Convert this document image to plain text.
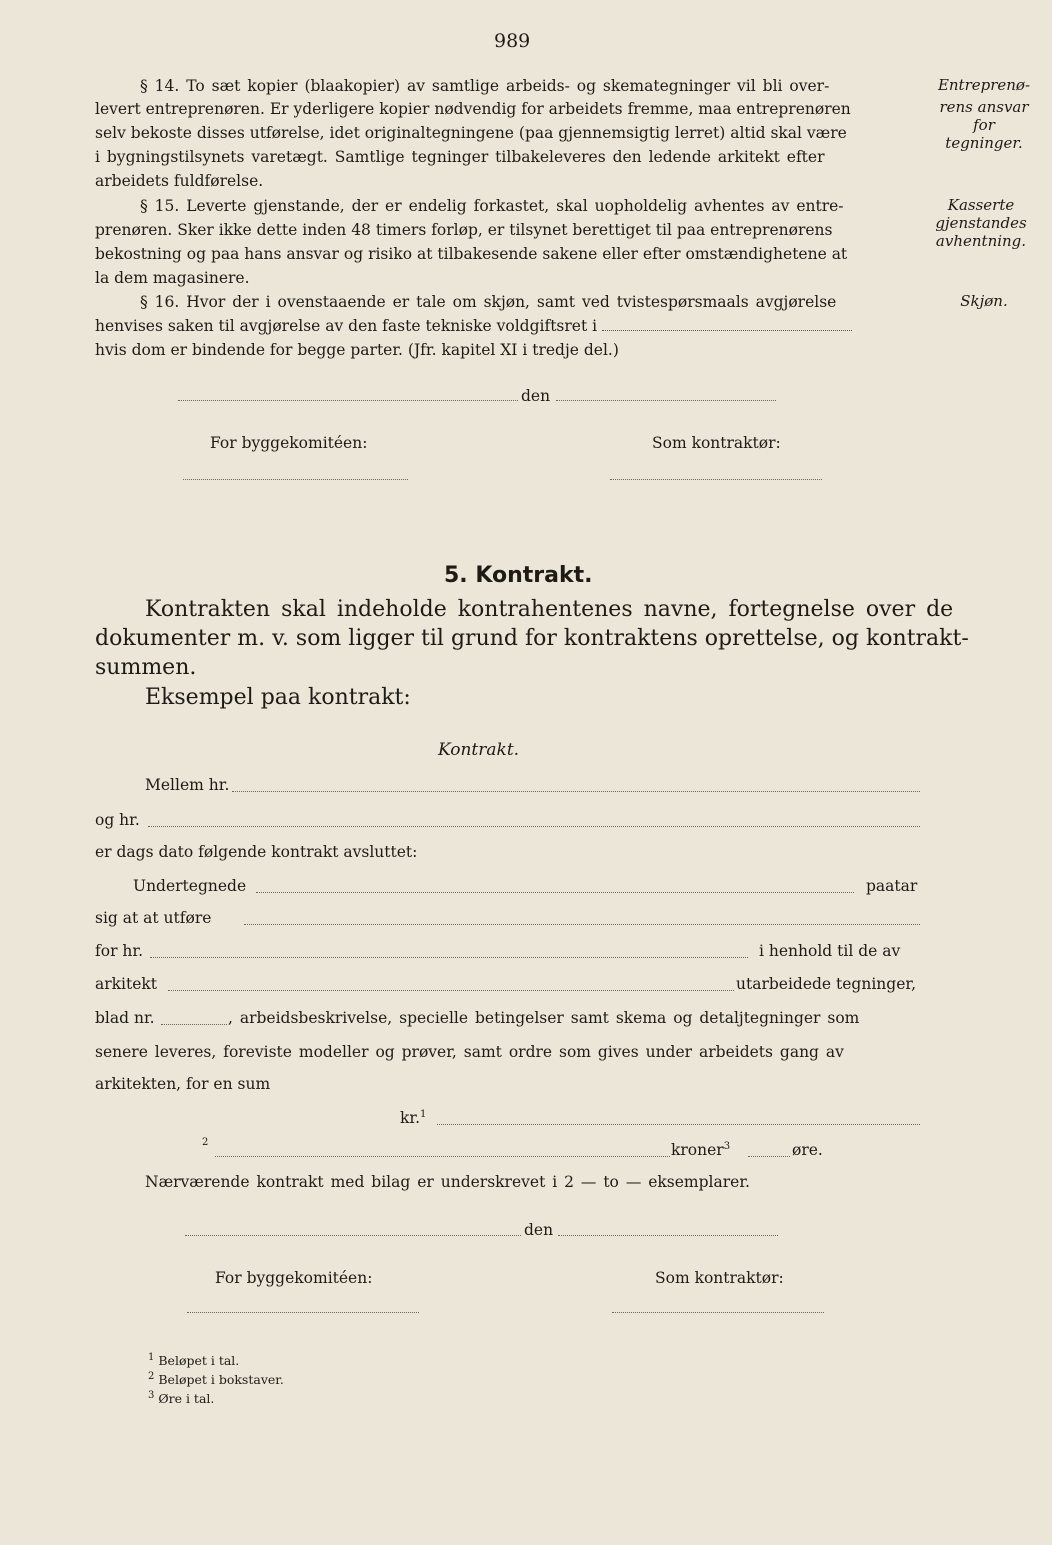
989
§ 14. To sæt kopier (blaakopier) av samtlige arbeids- og skemategninger vil bli over-
levert entreprenøren. Er yderligere kopier nødvendig for arbeidets fremme, maa entreprenøren
selv bekoste disses utførelse, idet originaltegningene (paa gjennemsigtig lerret) altid skal være
i bygningstilsynets varetægt. Samtlige tegninger tilbakeleveres den ledende arkitekt efter
arbeidets fuldførelse.
Entreprenø-
rens ansvar
for
tegninger.
§ 15. Leverte gjenstande, der er endelig forkastet, skal uopholdelig avhentes av entre-
prenøren. Sker ikke dette inden 48 timers forløp, er tilsynet berettiget til paa entreprenørens
bekostning og paa hans ansvar og risiko at tilbakesende sakene eller efter omstændighetene at
la dem magasinere.
Kasserte
gjenstandes
avhentning.
§ 16. Hvor der i ovenstaaende er tale om skjøn, samt ved tvistespørsmaals avgjørelse
henvises saken til avgjørelse av den faste tekniske voldgiftsret i
hvis dom er bindende for begge parter. (Jfr. kapitel XI i tredje del.)
Skjøn.
den
For byggekomitéen:	Som kontraktør:
5. Kontrakt.
Kontrakten skal indeholde kontrahentenes navne, fortegnelse over de
dokumenter m. v. som ligger til grund for kontraktens oprettelse, og kontrakt-
summen.
Eksempel paa kontrakt:
Kontrakt.
Mellem hr.
og hr.
er dags dato følgende kontrakt avsluttet:
Undertegnede	paatar
sig at at utføre
for hr.	i henhold til de av
arkitekt	utarbeidede tegninger,
blad nr.	, arbeidsbeskrivelse, specielle betingelser samt skema og detaljtegninger som
senere leveres, foreviste modeller og prøver, samt ordre som gives under arbeidets gang av
arkitekten, for en sum
kr.$^1$
$^2$	kroner$^3$	øre.
Nærværende kontrakt med bilag er underskrevet i 2 — to — eksemplarer.
den
For byggekomitéen:	Som kontraktør:
$^1$ Beløpet i tal.
$^2$ Beløpet i bokstaver.
$^3$ Øre i tal.
